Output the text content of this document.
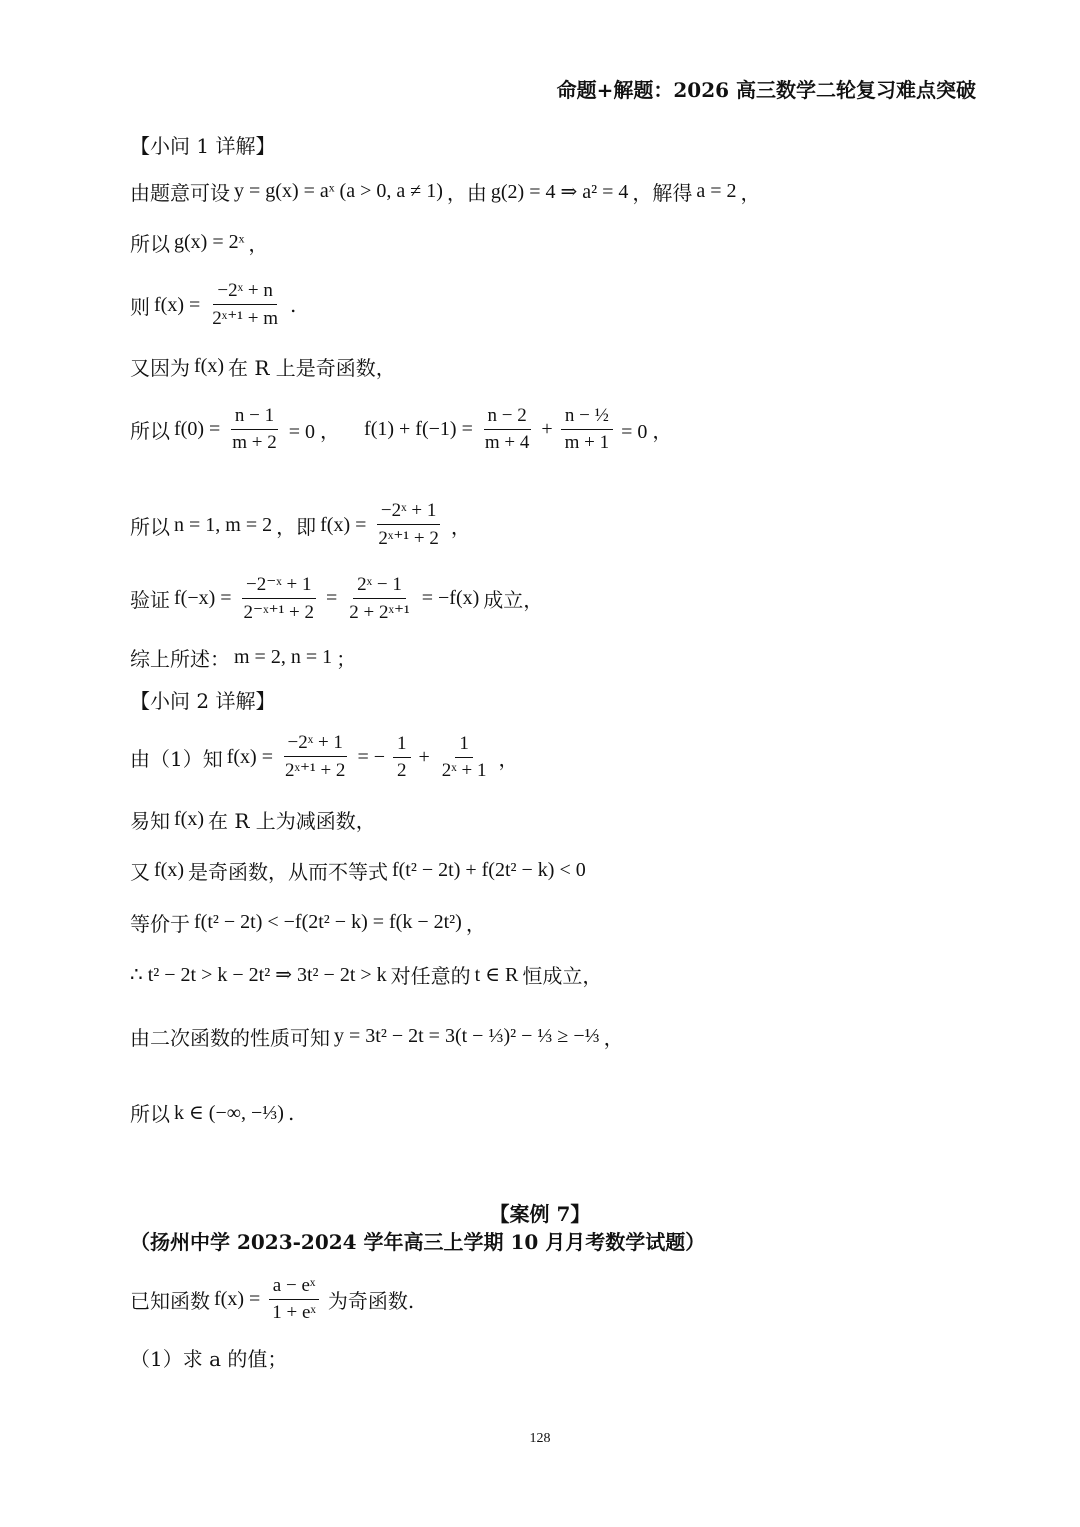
命题+解题：2026 高三数学二轮复习难点突破
【小问 1 详解】
由题意可设 y = g(x) = aˣ (a > 0, a ≠ 1) ，由 g(2) = 4 ⇒ a² = 4 ，解得 a = 2 ，
所以 g(x) = 2ˣ ，
则 $f(x) = \frac{\text{−2ˣ + n}}{\text{2ˣ⁺¹ + m}}$ .
又因为 f(x) 在 R 上是奇函数，
所以 $f(0) = \frac{n - 1}{m + 2} = 0$ ， $f(1) + f(-1) = \frac{n - 2}{m + 4} + \frac{\text{n − ½}}{m + 1} = 0$ ，
所以 n = 1, m = 2 ，即 $f(x) = \frac{\text{−2ˣ + 1}}{\text{2ˣ⁺¹ + 2}}$ ，
验证 $f(-x) = \frac{\text{−2⁻ˣ + 1}}{\text{2⁻ˣ⁺¹ + 2}} = \frac{\text{2ˣ − 1}}{\text{2 + 2ˣ⁺¹}} = -f(x)$ 成立，
综上所述： m = 2, n = 1 ；
【小问 2 详解】
由（1）知 $f(x) = \frac{\text{−2ˣ + 1}}{\text{2ˣ⁺¹ + 2}}$ = − $\frac{1}{2} + \frac{1}{\text{2ˣ + 1}}$ ，
易知 f(x) 在 R 上为减函数，
又 f(x) 是奇函数，从而不等式 f(t² − 2t) + f(2t² − k) < 0
等价于 f(t² − 2t) < −f(2t² − k) = f(k − 2t²) ，
∴ t² − 2t > k − 2t² ⇒ 3t² − 2t > k 对任意的 t ∈ R 恒成立，
由二次函数的性质可知 y = 3t² − 2t = 3(t − ⅓)² − ⅓ ≥ −⅓ ，
所以 k ∈ (−∞, −⅓) .
【案例 7】
（扬州中学 2023-2024 学年高三上学期 10 月月考数学试题）
已知函数 $f(x) = \frac{\text{a − eˣ}}{\text{1 + eˣ}}$ 为奇函数.
（1）求 a 的值；
128
